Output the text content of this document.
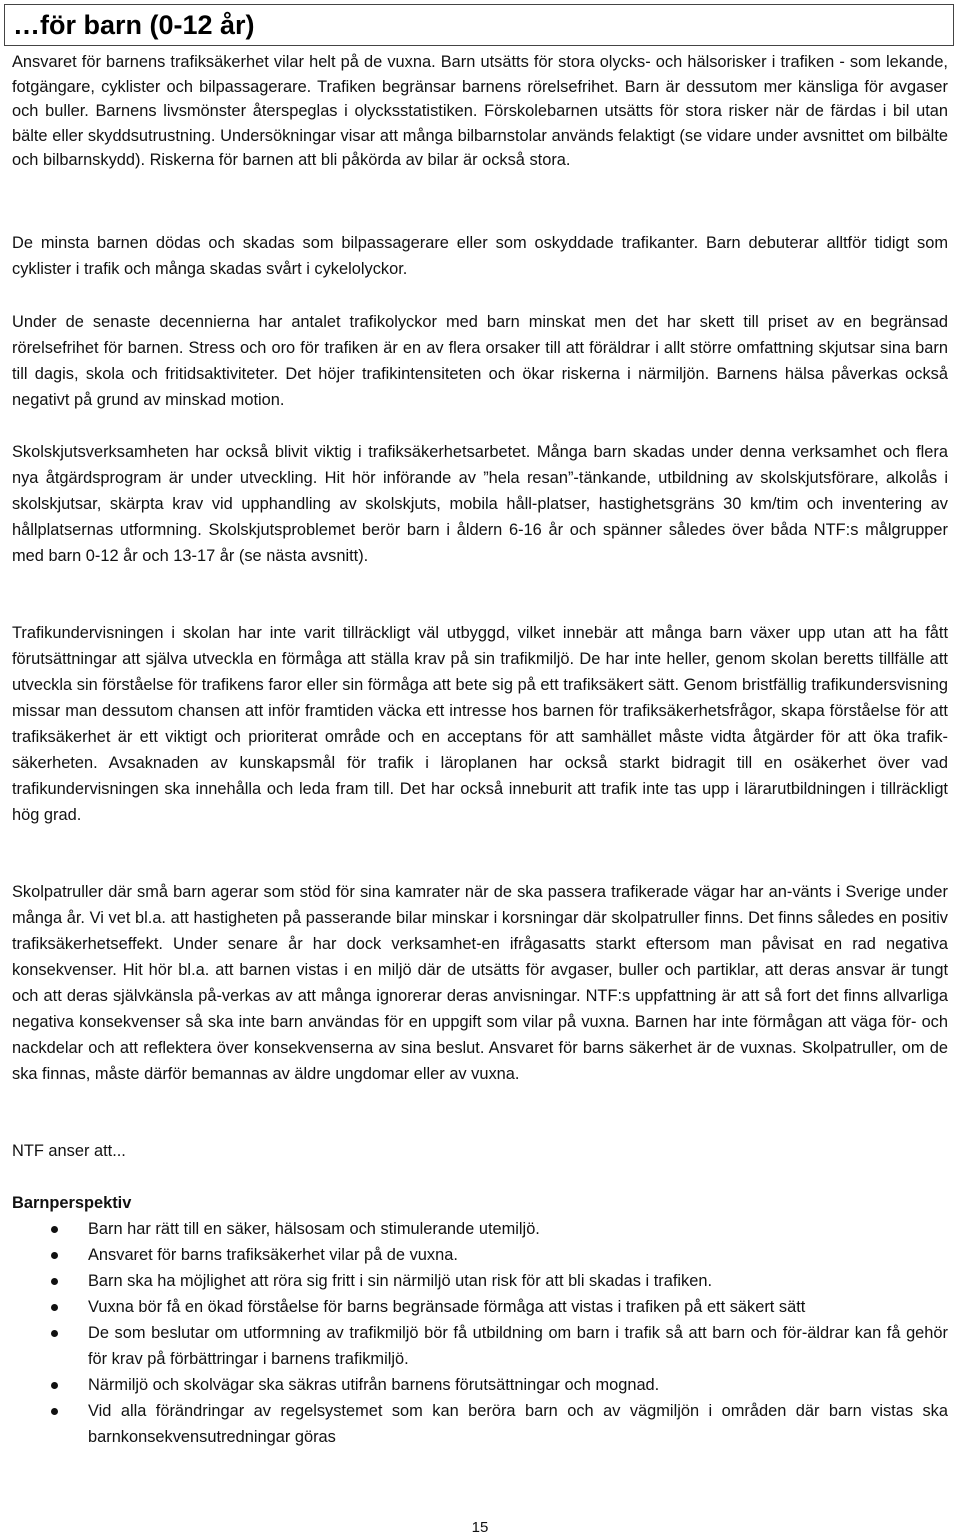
…för barn (0-12 år)

Ansvaret för barnens trafiksäkerhet vilar helt på de vuxna. Barn utsätts för stora olycks- och hälsorisker i trafiken - som lekande, fotgängare, cyklister och bilpassagerare. Trafiken begränsar barnens rörelsefrihet. Barn är dessutom mer känsliga för avgaser och buller. Barnens livsmönster återspeglas i olycksstatistiken. Förskolebarnen utsätts för stora risker när de färdas i bil utan bälte eller skyddsutrustning. Undersökningar visar att många bilbarnstolar används felaktigt (se vidare under avsnittet om bilbälte och bilbarnskydd). Riskerna för barnen att bli påkörda av bilar är också stora.

De minsta barnen dödas och skadas som bilpassagerare eller som oskyddade trafikanter. Barn debuterar alltför tidigt som cyklister i trafik och många skadas svårt i cykelolyckor.

Under de senaste decennierna har antalet trafikolyckor med barn minskat men det har skett till priset av en begränsad rörelsefrihet för barnen. Stress och oro för trafiken är en av flera orsaker till att föräldrar i allt större omfattning skjutsar sina barn till dagis, skola och fritidsaktiviteter. Det höjer trafikintensiteten och ökar riskerna i närmiljön. Barnens hälsa påverkas också negativt på grund av minskad motion.

Skolskjutsverksamheten har också blivit viktig i trafiksäkerhetsarbetet. Många barn skadas under denna verksamhet och flera nya åtgärdsprogram är under utveckling. Hit hör införande av ”hela resan”-tänkande, utbildning av skolskjutsförare, alkolås i skolskjutsar, skärpta krav vid upphandling av skolskjuts, mobila håll-platser, hastighetsgräns 30 km/tim och inventering av hållplatsernas utformning. Skolskjutsproblemet berör barn i åldern 6-16 år och spänner således över båda NTF:s målgrupper med barn 0-12 år och 13-17 år (se nästa avsnitt).

Trafikundervisningen i skolan har inte varit tillräckligt väl utbyggd, vilket innebär att många barn växer upp utan att ha fått förutsättningar att själva utveckla en förmåga att ställa krav på sin trafikmiljö. De har inte heller, genom skolan beretts tillfälle att utveckla sin förståelse för trafikens faror eller sin förmåga att bete sig på ett trafiksäkert sätt. Genom bristfällig trafikundersvisning missar man dessutom chansen att inför framtiden väcka ett intresse hos barnen för trafiksäkerhetsfrågor, skapa förståelse för att trafiksäkerhet är ett viktigt och prioriterat område och en acceptans för att samhället måste vidta åtgärder för att öka trafik-säkerheten. Avsaknaden av kunskapsmål för trafik i läroplanen har också starkt bidragit till en osäkerhet över vad trafikundervisningen ska innehålla och leda fram till. Det har också inneburit att trafik inte tas upp i lärarutbildningen i tillräckligt hög grad.

Skolpatruller där små barn agerar som stöd för sina kamrater när de ska passera trafikerade vägar har an-vänts i Sverige under många år. Vi vet bl.a. att hastigheten på passerande bilar minskar i korsningar där skolpatruller finns. Det finns således en positiv trafiksäkerhetseffekt. Under senare år har dock verksamhet-en ifrågasatts starkt eftersom man påvisat en rad negativa konsekvenser. Hit hör bl.a. att barnen vistas i en miljö där de utsätts för avgaser, buller och partiklar, att deras ansvar är tungt och att deras självkänsla på-verkas av att många ignorerar deras anvisningar. NTF:s uppfattning är att så fort det finns allvarliga negativa konsekvenser så ska inte barn användas för en uppgift som vilar på vuxna. Barnen har inte förmågan att väga för- och nackdelar och att reflektera över konsekvenserna av sina beslut. Ansvaret för barns säkerhet är de vuxnas. Skolpatruller, om de ska finnas, måste därför bemannas av äldre ungdomar eller av vuxna.

NTF anser att...

Barnperspektiv

Barn har rätt till en säker, hälsosam och stimulerande utemiljö.
Ansvaret för barns trafiksäkerhet vilar på de vuxna.
Barn ska ha möjlighet att röra sig fritt i sin närmiljö utan risk för att bli skadas i trafiken.
Vuxna bör få en ökad förståelse för barns begränsade förmåga att vistas i trafiken på ett säkert sätt
De som beslutar om utformning av trafikmiljö bör få utbildning om barn i trafik så att barn och för-äldrar kan få gehör för krav på förbättringar i barnens trafikmiljö.
Närmiljö och skolvägar ska säkras utifrån barnens förutsättningar och mognad.
Vid alla förändringar av regelsystemet som kan beröra barn och av vägmiljön i områden där barn vistas ska barnkonsekvensutredningar göras
15
